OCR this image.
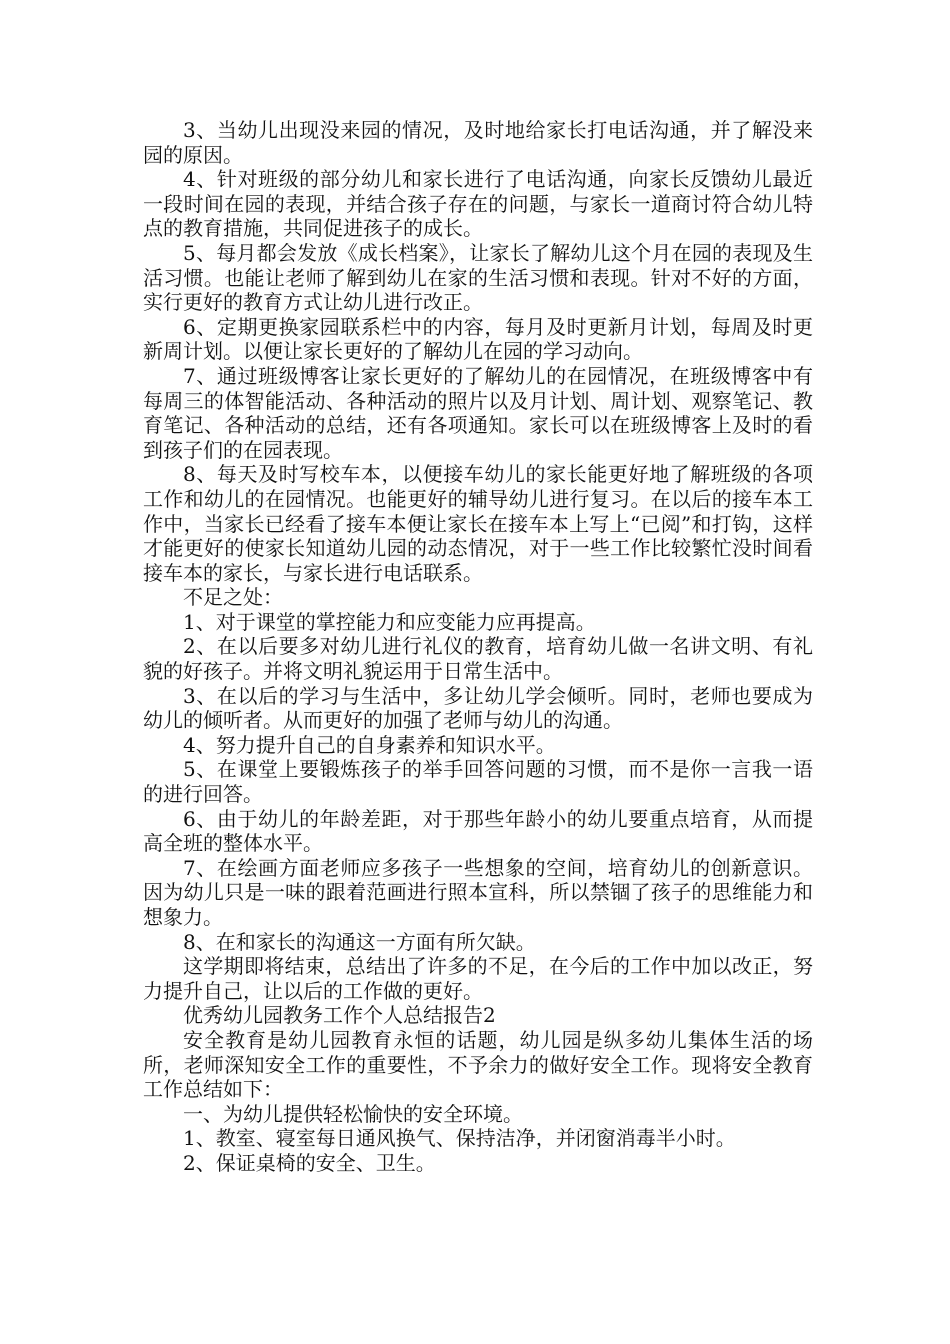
3、当幼儿出现没来园的情况，及时地给家长打电话沟通，并了解没来园的原因。

4、针对班级的部分幼儿和家长进行了电话沟通，向家长反馈幼儿最近一段时间在园的表现，并结合孩子存在的问题，与家长一道商讨符合幼儿特点的教育措施，共同促进孩子的成长。

5、每月都会发放《成长档案》，让家长了解幼儿这个月在园的表现及生活习惯。也能让老师了解到幼儿在家的生活习惯和表现。针对不好的方面，实行更好的教育方式让幼儿进行改正。

6、定期更换家园联系栏中的内容，每月及时更新月计划，每周及时更新周计划。以便让家长更好的了解幼儿在园的学习动向。

7、通过班级博客让家长更好的了解幼儿的在园情况，在班级博客中有每周三的体智能活动、各种活动的照片以及月计划、周计划、观察笔记、教育笔记、各种活动的总结，还有各项通知。家长可以在班级博客上及时的看到孩子们的在园表现。

8、每天及时写校车本，以便接车幼儿的家长能更好地了解班级的各项工作和幼儿的在园情况。也能更好的辅导幼儿进行复习。在以后的接车本工作中，当家长已经看了接车本便让家长在接车本上写上“已阅”和打钩，这样才能更好的使家长知道幼儿园的动态情况，对于一些工作比较繁忙没时间看接车本的家长，与家长进行电话联系。

不足之处：

1、对于课堂的掌控能力和应变能力应再提高。

2、在以后要多对幼儿进行礼仪的教育，培育幼儿做一名讲文明、有礼貌的好孩子。并将文明礼貌运用于日常生活中。

3、在以后的学习与生活中，多让幼儿学会倾听。同时，老师也要成为幼儿的倾听者。从而更好的加强了老师与幼儿的沟通。

4、努力提升自己的自身素养和知识水平。

5、在课堂上要锻炼孩子的举手回答问题的习惯，而不是你一言我一语的进行回答。

6、由于幼儿的年龄差距，对于那些年龄小的幼儿要重点培育，从而提高全班的整体水平。

7、在绘画方面老师应多孩子一些想象的空间，培育幼儿的创新意识。因为幼儿只是一味的跟着范画进行照本宣科，所以禁锢了孩子的思维能力和想象力。

8、在和家长的沟通这一方面有所欠缺。

这学期即将结束，总结出了许多的不足，在今后的工作中加以改正，努力提升自己，让以后的工作做的更好。

优秀幼儿园教务工作个人总结报告2

安全教育是幼儿园教育永恒的话题，幼儿园是纵多幼儿集体生活的场所，老师深知安全工作的重要性，不予余力的做好安全工作。现将安全教育工作总结如下：

一、为幼儿提供轻松愉快的安全环境。

1、教室、寝室每日通风换气、保持洁净，并闭窗消毒半小时。

2、保证桌椅的安全、卫生。
